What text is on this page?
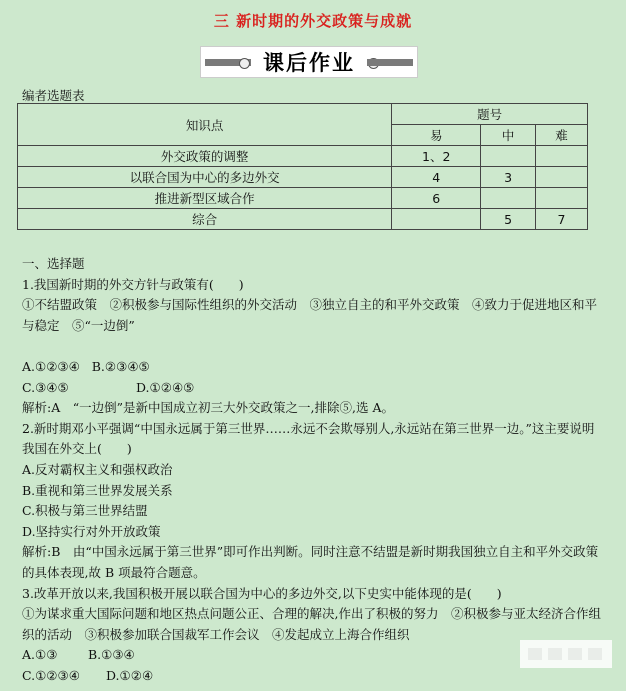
三 新时期的外交政策与成就
课后作业
编者选题表
知识点	题号		
	易	中	难
外交政策的调整	1、2		
以联合国为中心的多边外交	4	3	
推进新型区域合作	6		
综合		5	7

一、选择题

1.我国新时期的外交方针与政策有(　　)

①不结盟政策　②积极参与国际性组织的外交活动　③独立自主的和平外交政策　④致力于促进地区和平与稳定　⑤“一边倒”

A.①②③④ B.②③④⑤

C.③④⑤	D.①②④⑤

解析:A　“一边倒”是新中国成立初三大外交政策之一,排除⑤,选 A。

2.新时期邓小平强调“中国永远属于第三世界……永远不会欺辱别人,永远站在第三世界一边。”这主要说明我国在外交上(　　)

A.反对霸权主义和强权政治

B.重视和第三世界发展关系

C.积极与第三世界结盟

D.坚持实行对外开放政策

解析:B　由“中国永远属于第三世界”即可作出判断。同时注意不结盟是新时期我国独立自主和平外交政策的具体表现,故 B 项最符合题意。

3.改革开放以来,我国积极开展以联合国为中心的多边外交,以下史实中能体现的是(　　)

①为谋求重大国际问题和地区热点问题公正、合理的解决,作出了积极的努力　②积极参与亚太经济合作组织的活动　③积极参加联合国裁军工作会议　④发起成立上海合作组织

A.①③ B.①③④

C.①②③④ D.①②④
